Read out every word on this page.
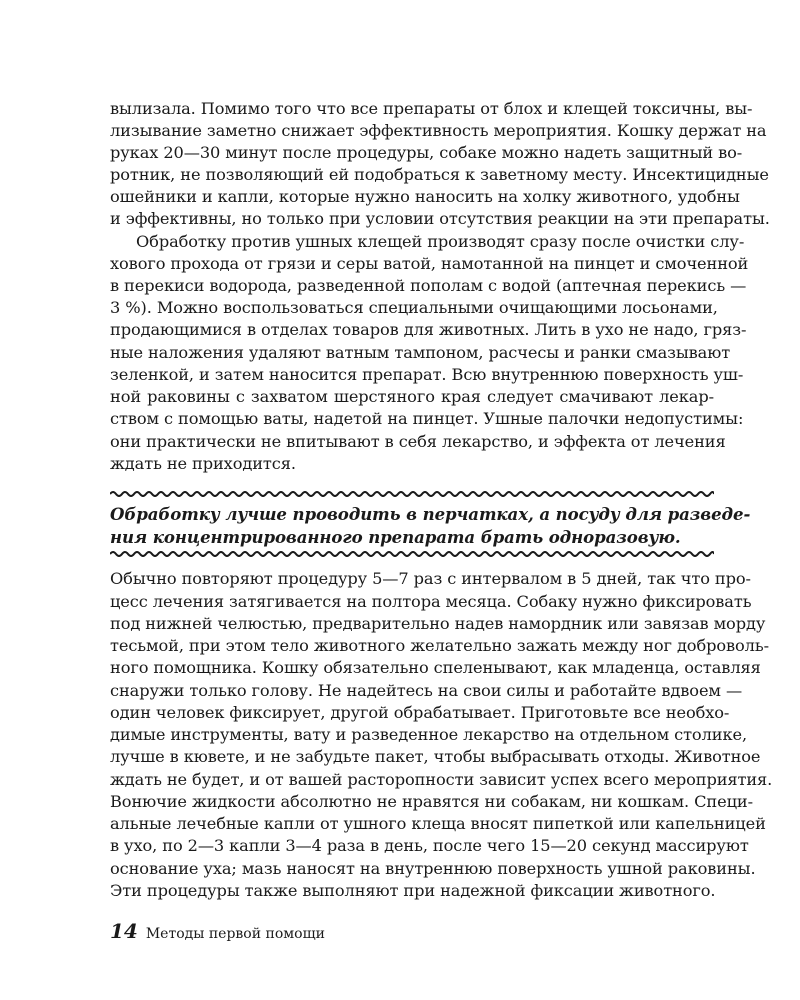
вылизала. Помимо того что все препараты от блох и клещей токсичны, вы-
лизывание заметно снижает эффективность мероприятия. Кошку держат на
руках 20—30 минут после процедуры, собаке можно надеть защитный во-
ротник, не позволяющий ей подобраться к заветному месту. Инсектицидные
ошейники и капли, которые нужно наносить на холку животного, удобны
и эффективны, но только при условии отсутствия реакции на эти препараты.
Обработку против ушных клещей производят сразу после очистки слу-
хового прохода от грязи и серы ватой, намотанной на пинцет и смоченной
в перекиси водорода, разведенной пополам с водой (аптечная перекись —
3 %). Можно воспользоваться специальными очищающими лосьонами,
продающимися в отделах товаров для животных. Лить в ухо не надо, гряз-
ные наложения удаляют ватным тампоном, расчесы и ранки смазывают
зеленкой, и затем наносится препарат. Всю внутреннюю поверхность уш-
ной раковины с захватом шерстяного края следует смачивают лекар-
ством с помощью ваты, надетой на пинцет. Ушные палочки недопустимы:
они практически не впитывают в себя лекарство, и эффекта от лечения
ждать не приходится.
Обработку лучше проводить в перчатках, а посуду для разведе-
ния концентрированного препарата брать одноразовую.
Обычно повторяют процедуру 5—7 раз с интервалом в 5 дней, так что про-
цесс лечения затягивается на полтора месяца. Собаку нужно фиксировать
под нижней челюстью, предварительно надев намордник или завязав морду
тесьмой, при этом тело животного желательно зажать между ног доброволь-
ного помощника. Кошку обязательно спеленывают, как младенца, оставляя
снаружи только голову. Не надейтесь на свои силы и работайте вдвоем —
один человек фиксирует, другой обрабатывает. Приготовьте все необхо-
димые инструменты, вату и разведенное лекарство на отдельном столике,
лучше в кювете, и не забудьте пакет, чтобы выбрасывать отходы. Животное
ждать не будет, и от вашей расторопности зависит успех всего мероприятия.
Вонючие жидкости абсолютно не нравятся ни собакам, ни кошкам. Специ-
альные лечебные капли от ушного клеща вносят пипеткой или капельницей
в ухо, по 2—3 капли 3—4 раза в день, после чего 15—20 секунд массируют
основание уха; мазь наносят на внутреннюю поверхность ушной раковины.
Эти процедуры также выполняют при надежной фиксации животного.
14 Методы первой помощи
